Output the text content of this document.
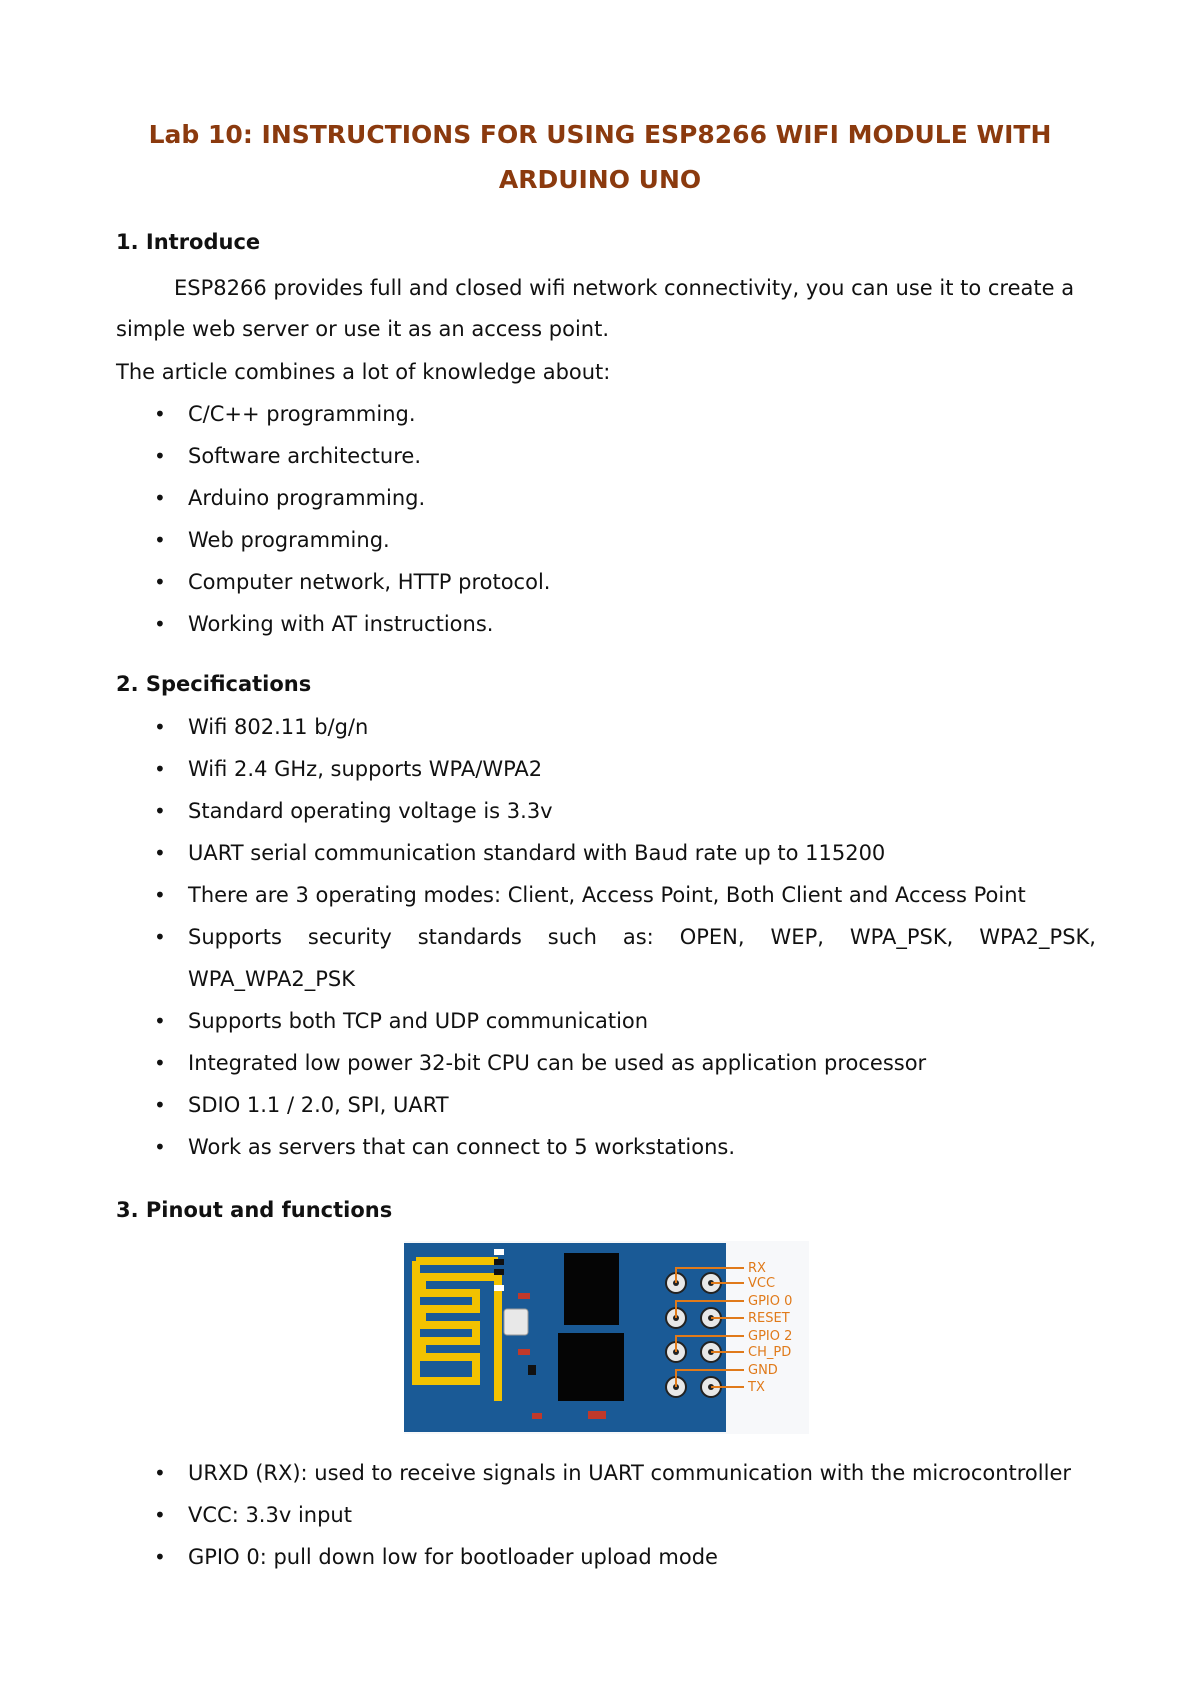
Lab 10: INSTRUCTIONS FOR USING ESP8266 WIFI MODULE WITH
ARDUINO UNO
1. Introduce
ESP8266 provides full and closed wifi network connectivity, you can use it to create a simple web server or use it as an access point.
The article combines a lot of knowledge about:
• C/C++ programming.
• Software architecture.
• Arduino programming.
• Web programming.
• Computer network, HTTP protocol.
• Working with AT instructions.
2. Specifications
• Wifi 802.11 b/g/n
• Wifi 2.4 GHz, supports WPA/WPA2
• Standard operating voltage is 3.3v
• UART serial communication standard with Baud rate up to 115200
• There are 3 operating modes: Client, Access Point, Both Client and Access Point
• Supports security standards such as: OPEN, WEP, WPA_PSK, WPA2_PSK, WPA_WPA2_PSK
• Supports both TCP and UDP communication
• Integrated low power 32-bit CPU can be used as application processor
• SDIO 1.1 / 2.0, SPI, UART
• Work as servers that can connect to 5 workstations.
3. Pinout and functions
RX
VCC
GPIO 0
RESET
GPIO 2
CH_PD
GND
TX
• URXD (RX): used to receive signals in UART communication with the microcontroller
• VCC: 3.3v input
• GPIO 0: pull down low for bootloader upload mode
